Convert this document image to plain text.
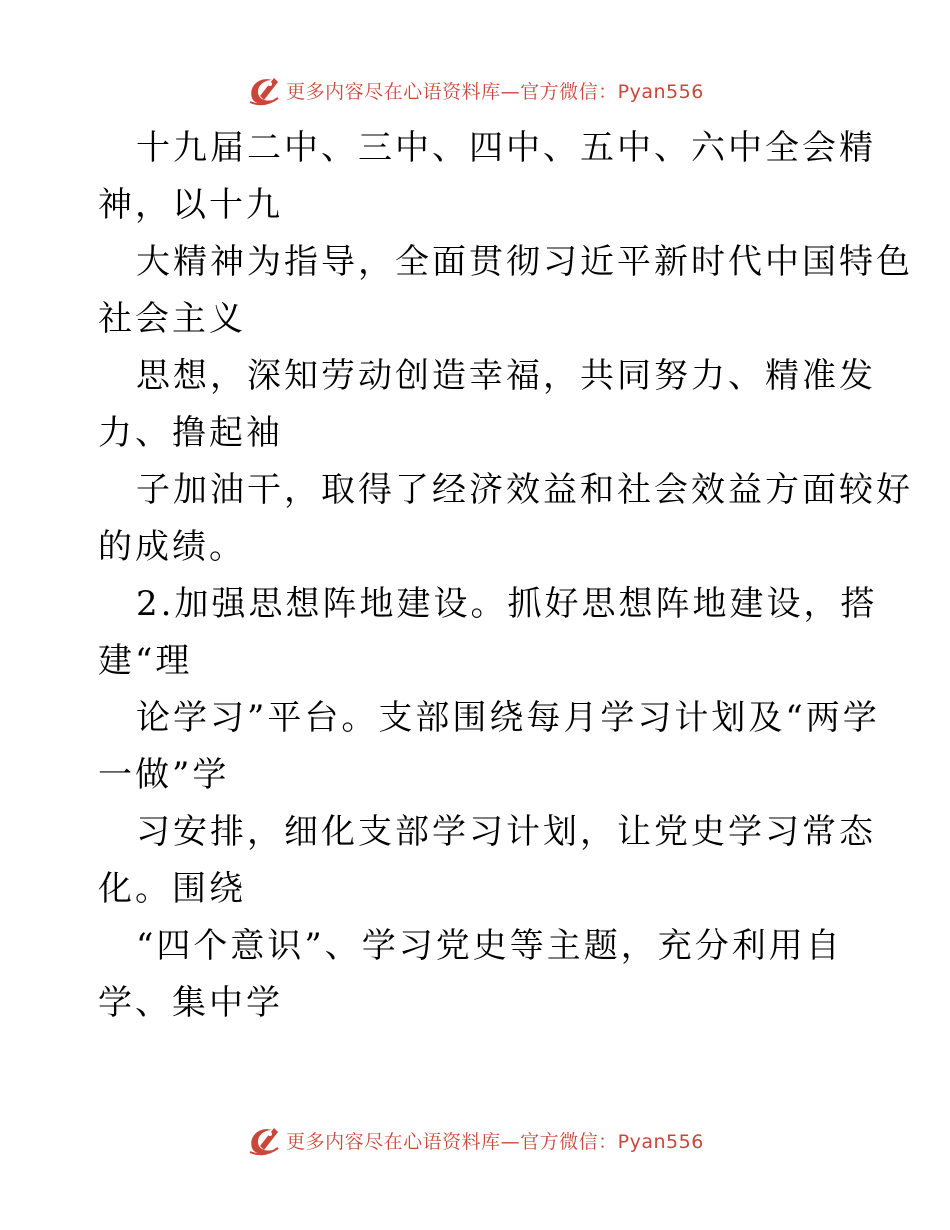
更多内容尽在心语资料库—官方微信：Pyan556
十九届二中、三中、四中、五中、六中全会精
神，以十九
大精神为指导，全面贯彻习近平新时代中国特色
社会主义
思想，深知劳动创造幸福，共同努力、精准发
力、撸起袖
子加油干，取得了经济效益和社会效益方面较好
的成绩。
2.加强思想阵地建设。抓好思想阵地建设，搭
建“理
论学习”平台。支部围绕每月学习计划及“两学
一做”学
习安排，细化支部学习计划，让党史学习常态
化。围绕
“四个意识”、学习党史等主题，充分利用自
学、集中学
更多内容尽在心语资料库—官方微信：Pyan556
